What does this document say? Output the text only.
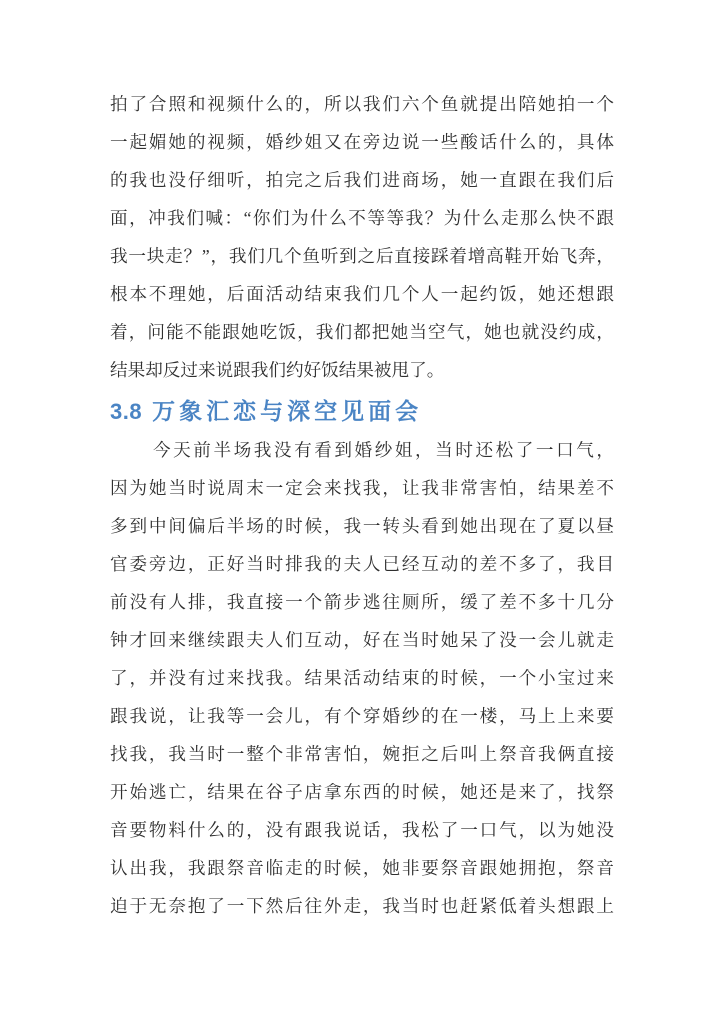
拍了合照和视频什么的，所以我们六个鱼就提出陪她拍一个
一起媚她的视频，婚纱姐又在旁边说一些酸话什么的，具体
的我也没仔细听，拍完之后我们进商场，她一直跟在我们后
面，冲我们喊：“你们为什么不等等我？为什么走那么快不跟
我一块走？”，我们几个鱼听到之后直接踩着增高鞋开始飞奔，
根本不理她，后面活动结束我们几个人一起约饭，她还想跟
着，问能不能跟她吃饭，我们都把她当空气，她也就没约成，
结果却反过来说跟我们约好饭结果被甩了。
3.8 万象汇恋与深空见面会
今天前半场我没有看到婚纱姐，当时还松了一口气，
因为她当时说周末一定会来找我，让我非常害怕，结果差不
多到中间偏后半场的时候，我一转头看到她出现在了夏以昼
官委旁边，正好当时排我的夫人已经互动的差不多了，我目
前没有人排，我直接一个箭步逃往厕所，缓了差不多十几分
钟才回来继续跟夫人们互动，好在当时她呆了没一会儿就走
了，并没有过来找我。结果活动结束的时候，一个小宝过来
跟我说，让我等一会儿，有个穿婚纱的在一楼，马上上来要
找我，我当时一整个非常害怕，婉拒之后叫上祭音我俩直接
开始逃亡，结果在谷子店拿东西的时候，她还是来了，找祭
音要物料什么的，没有跟我说话，我松了一口气，以为她没
认出我，我跟祭音临走的时候，她非要祭音跟她拥抱，祭音
迫于无奈抱了一下然后往外走，我当时也赶紧低着头想跟上
